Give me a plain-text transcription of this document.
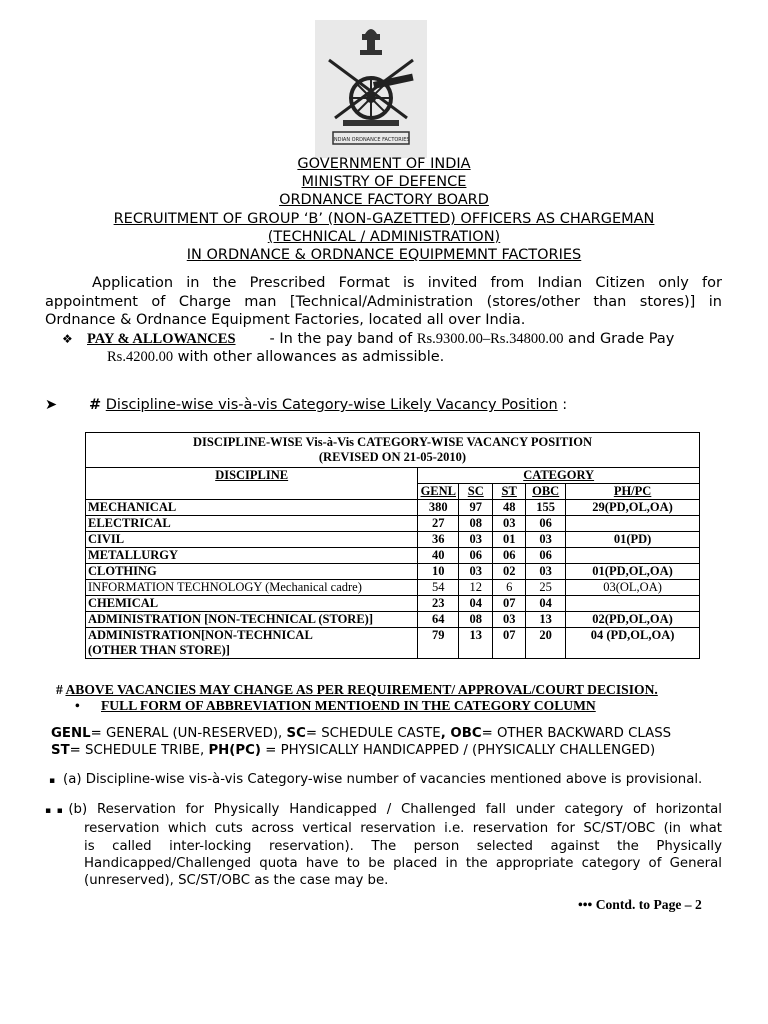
INDIAN ORDNANCE FACTORIES
GOVERNMENT OF INDIA
MINISTRY OF DEFENCE
ORDNANCE FACTORY BOARD
RECRUITMENT OF GROUP ‘B’ (NON-GAZETTED) OFFICERS AS CHARGEMAN
(TECHNICAL / ADMINISTRATION)
IN ORDNANCE & ORDNANCE EQUIPMEMNT FACTORIES
Application in the Prescribed Format is invited from Indian Citizen only for
appointment of Charge man [Technical/Administration (stores/other than stores)] in
Ordnance & Ordnance Equipment Factories, located all over India.
❖ PAY & ALLOWANCES - In the pay band of Rs.9300.00–Rs.34800.00 and Grade Pay
Rs.4200.00 with other allowances as admissible.
➤ # Discipline-wise vis-à-vis Category-wise Likely Vacancy Position :
DISCIPLINE-WISE Vis-à-Vis CATEGORY-WISE VACANCY POSITION					
(REVISED ON 21-05-2010)					
DISCIPLINE	CATEGORY				
	GENL	SC	ST	OBC	PH/PC
MECHANICAL	380	97	48	155	29(PD,OL,OA)
ELECTRICAL	27	08	03	06	
CIVIL	36	03	01	03	01(PD)
METALLURGY	40	06	06	06	
CLOTHING	10	03	02	03	01(PD,OL,OA)
INFORMATION TECHNOLOGY (Mechanical cadre)	54	12	6	25	03(OL,OA)
CHEMICAL	23	04	07	04	
ADMINISTRATION [NON-TECHNICAL (STORE)]	64	08	03	13	02(PD,OL,OA)

ADMINISTRATION[NON-TECHNICAL
(OTHER THAN STORE)]	79	13	07	20	04 (PD,OL,OA)
# ABOVE VACANCIES MAY CHANGE AS PER REQUIREMENT/ APPROVAL/COURT DECISION.
• FULL FORM OF ABBREVIATION MENTIOEND IN THE CATEGORY COLUMN
GENL= GENERAL (UN-RESERVED), SC= SCHEDULE CASTE, OBC= OTHER BACKWARD CLASS
ST= SCHEDULE TRIBE, PH(PC) = PHYSICALLY HANDICAPPED / (PHYSICALLY CHALLENGED)
▪ (a) Discipline-wise vis-à-vis Category-wise number of vacancies mentioned above is provisional.
▪▪(b) Reservation for Physically Handicapped / Challenged fall under category of horizontal
reservation which cuts across vertical reservation i.e. reservation for SC/ST/OBC (in what
is called inter-locking reservation). The person selected against the Physically
Handicapped/Challenged quota have to be placed in the appropriate category of General
(unreserved), SC/ST/OBC as the case may be.
••• Contd. to Page – 2
